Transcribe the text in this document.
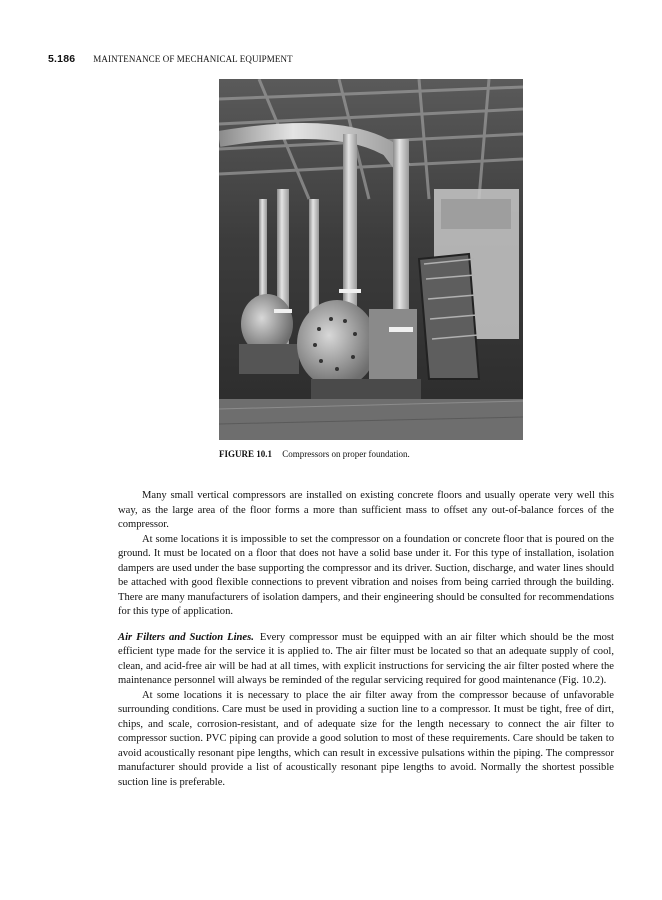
5.186 MAINTENANCE OF MECHANICAL EQUIPMENT
FIGURE 10.1 Compressors on proper foundation.

Many small vertical compressors are installed on existing concrete floors and usually operate very well this way, as the large area of the floor forms a more than sufficient mass to offset any out-of-balance forces of the compressor.

At some locations it is impossible to set the compressor on a foundation or concrete floor that is poured on the ground. It must be located on a floor that does not have a solid base under it. For this type of installation, isolation dampers are used under the base supporting the compressor and its driver. Suction, discharge, and water lines should be attached with good flexible connections to prevent vibration and noises from being carried through the building. There are many manufacturers of isolation dampers, and their engineering should be consulted for recommendations for this type of application.

Air Filters and Suction Lines. Every compressor must be equipped with an air filter which should be the most efficient type made for the service it is applied to. The air filter must be located so that an adequate supply of cool, clean, and acid-free air will be had at all times, with explicit instructions for servicing the air filter posted where the maintenance personnel will always be reminded of the regular servicing required for good maintenance (Fig. 10.2).

At some locations it is necessary to place the air filter away from the compressor because of unfavorable surrounding conditions. Care must be used in providing a suction line to a compressor. It must be tight, free of dirt, chips, and scale, corrosion-resistant, and of adequate size for the length necessary to connect the air filter to compressor suction. PVC piping can provide a good solution to most of these requirements. Care should be taken to avoid acoustically resonant pipe lengths, which can result in excessive pulsations within the piping. The compressor manufacturer should provide a list of acoustically resonant pipe lengths to avoid. Normally the shortest possible suction line is preferable.
